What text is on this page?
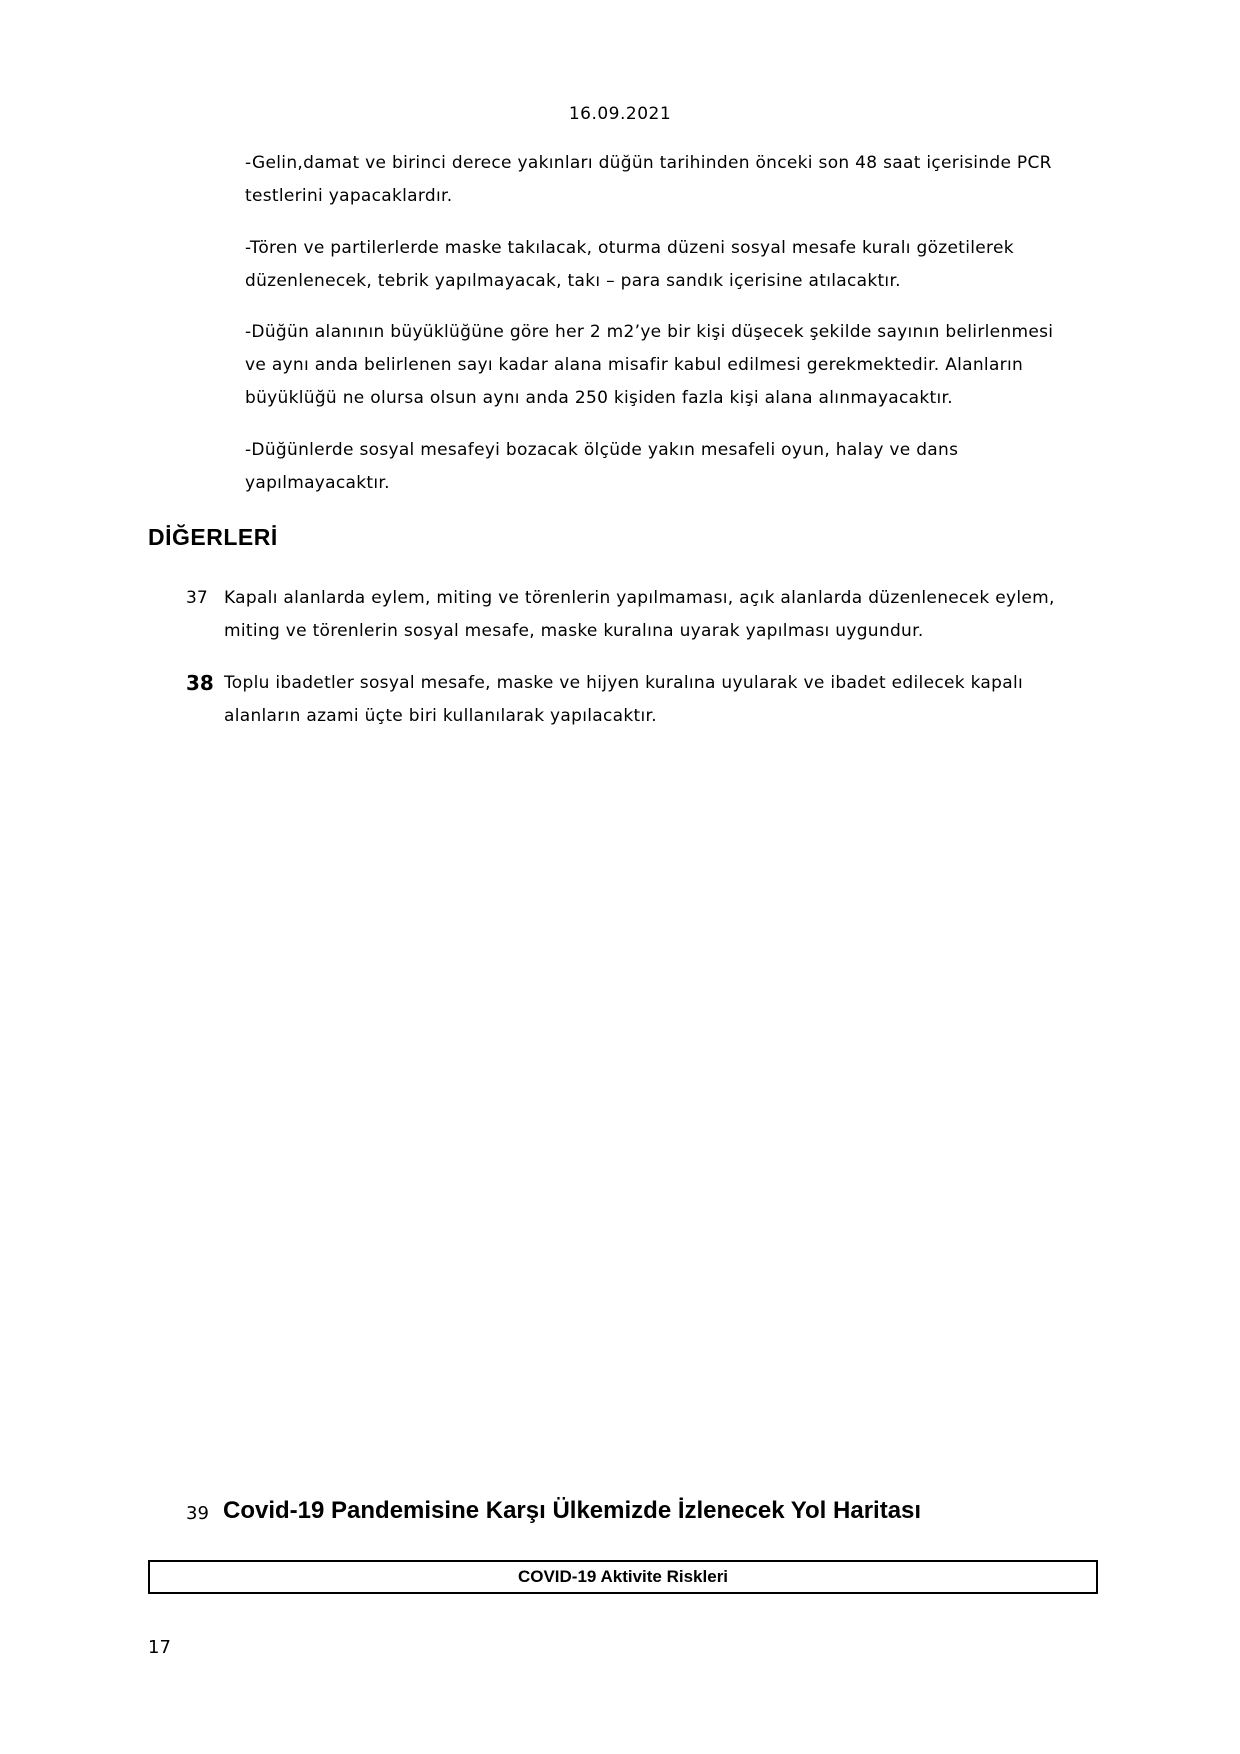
16.09.2021
-Gelin,damat ve birinci derece yakınları düğün tarihinden önceki son 48 saat içerisinde PCR
testlerini yapacaklardır.
-Tören ve partilerlerde maske takılacak, oturma düzeni sosyal mesafe kuralı gözetilerek
düzenlenecek, tebrik yapılmayacak, takı – para sandık içerisine atılacaktır.
-Düğün alanının büyüklüğüne göre her 2 m2’ye bir kişi düşecek şekilde sayının belirlenmesi
ve aynı anda belirlenen sayı kadar alana misafir kabul edilmesi gerekmektedir. Alanların
büyüklüğü ne olursa olsun aynı anda 250 kişiden fazla kişi alana alınmayacaktır.
-Düğünlerde sosyal mesafeyi bozacak ölçüde yakın mesafeli oyun, halay ve dans
yapılmayacaktır.
DİĞERLERİ
37 Kapalı alanlarda eylem, miting ve törenlerin yapılmaması, açık alanlarda düzenlenecek eylem,
miting ve törenlerin sosyal mesafe, maske kuralına uyarak yapılması uygundur.
38 Toplu ibadetler sosyal mesafe, maske ve hijyen kuralına uyularak ve ibadet edilecek kapalı
alanların azami üçte biri kullanılarak yapılacaktır.
39 Covid-19 Pandemisine Karşı Ülkemizde İzlenecek Yol Haritası
COVID-19 Aktivite Riskleri
17
